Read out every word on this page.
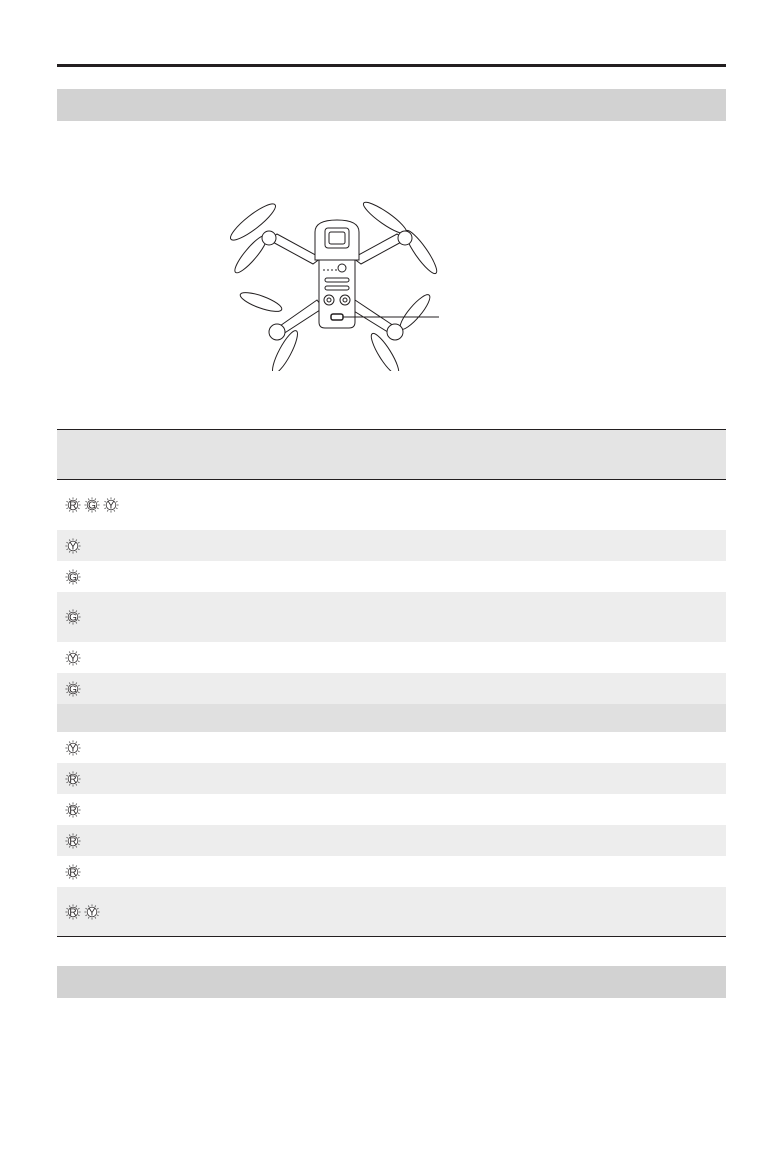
R G Y

Y

G

G

Y

G

Y

R

R

R

R

R Y
